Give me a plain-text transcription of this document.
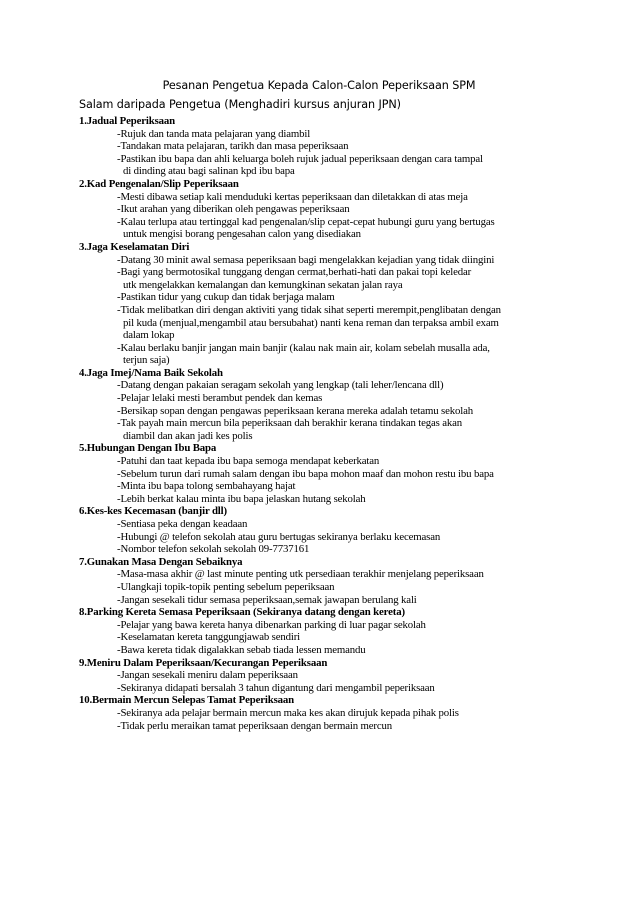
Pesanan Pengetua Kepada Calon-Calon Peperiksaan SPM
Salam daripada Pengetua (Menghadiri kursus anjuran JPN)
1.Jadual Peperiksaan
-Rujuk dan tanda mata pelajaran yang diambil
-Tandakan mata pelajaran, tarikh dan masa peperiksaan
-Pastikan ibu bapa dan ahli keluarga boleh rujuk jadual peperiksaan dengan cara tampal
di dinding atau bagi salinan kpd ibu bapa
2.Kad Pengenalan/Slip Peperiksaan
-Mesti dibawa setiap kali menduduki kertas peperiksaan dan diletakkan di atas meja
-Ikut arahan yang diberikan oleh pengawas peperiksaan
-Kalau terlupa atau tertinggal kad pengenalan/slip cepat-cepat hubungi guru yang bertugas
untuk mengisi borang pengesahan calon yang disediakan
3.Jaga Keselamatan Diri
-Datang 30 minit awal semasa peperiksaan bagi mengelakkan kejadian yang tidak diingini
-Bagi yang bermotosikal tunggang dengan cermat,berhati-hati dan pakai topi keledar
utk mengelakkan kemalangan dan kemungkinan sekatan jalan raya
-Pastikan tidur yang cukup dan tidak berjaga malam
-Tidak melibatkan diri dengan aktiviti yang tidak sihat seperti merempit,penglibatan dengan
pil kuda (menjual,mengambil atau bersubahat) nanti kena reman dan terpaksa ambil exam
dalam lokap
-Kalau berlaku banjir jangan main banjir (kalau nak main air, kolam sebelah musalla ada,
terjun saja)
4.Jaga Imej/Nama Baik Sekolah
-Datang dengan pakaian seragam sekolah yang lengkap (tali leher/lencana dll)
-Pelajar lelaki mesti berambut pendek dan kemas
-Bersikap sopan dengan pengawas peperiksaan kerana mereka adalah tetamu sekolah
-Tak payah main mercun bila peperiksaan dah berakhir kerana tindakan tegas akan
diambil dan akan jadi kes polis
5.Hubungan Dengan Ibu Bapa
-Patuhi dan taat kepada ibu bapa semoga mendapat keberkatan
-Sebelum turun dari rumah salam dengan ibu bapa mohon maaf dan mohon restu ibu bapa
-Minta ibu bapa tolong sembahayang hajat
-Lebih berkat kalau minta ibu bapa jelaskan hutang sekolah
6.Kes-kes Kecemasan (banjir dll)
-Sentiasa peka dengan keadaan
-Hubungi @ telefon sekolah atau guru bertugas sekiranya berlaku kecemasan
-Nombor telefon sekolah sekolah 09-7737161
7.Gunakan Masa Dengan Sebaiknya
-Masa-masa akhir @ last minute penting utk persediaan terakhir menjelang peperiksaan
-Ulangkaji topik-topik penting sebelum peperiksaan
-Jangan sesekali tidur semasa peperiksaan,semak jawapan berulang kali
8.Parking Kereta Semasa Peperiksaan (Sekiranya datang dengan kereta)
-Pelajar yang bawa kereta hanya dibenarkan parking di luar pagar sekolah
-Keselamatan kereta tanggungjawab sendiri
-Bawa kereta tidak digalakkan sebab tiada lessen memandu
9.Meniru Dalam Peperiksaan/Kecurangan Peperiksaan
-Jangan sesekali meniru dalam peperiksaan
-Sekiranya didapati bersalah 3 tahun digantung dari mengambil peperiksaan
10.Bermain Mercun Selepas Tamat Peperiksaan
-Sekiranya ada pelajar bermain mercun maka kes akan dirujuk kepada pihak polis
-Tidak perlu meraikan tamat peperiksaan dengan bermain mercun
